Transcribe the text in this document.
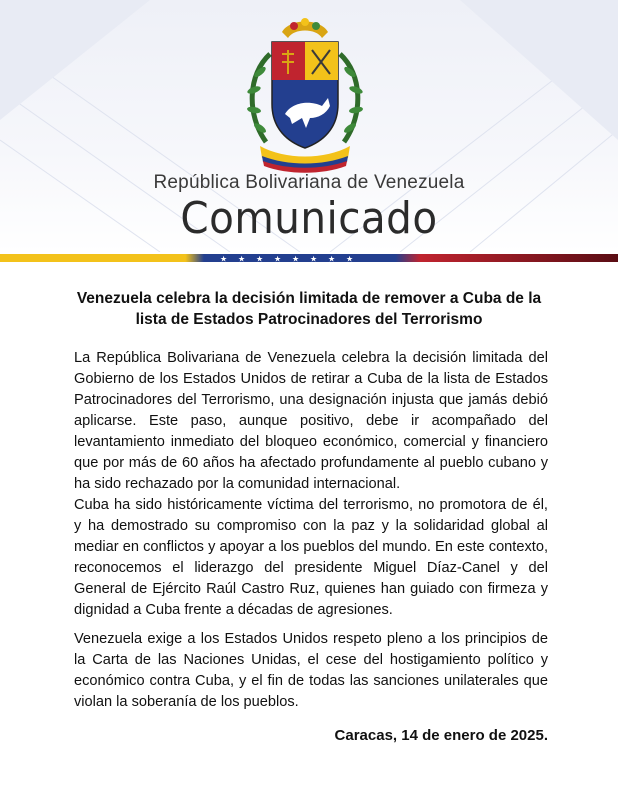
República Bolivariana de Venezuela
Comunicado
★ ★ ★ ★ ★ ★ ★ ★
Venezuela celebra la decisión limitada de remover a Cuba de la lista de Estados Patrocinadores del Terrorismo

La República Bolivariana de Venezuela celebra la decisión limitada del Gobierno de los Estados Unidos de retirar a Cuba de la lista de Estados Patrocinadores del Terrorismo, una designación injusta que jamás debió aplicarse. Este paso, aunque positivo, debe ir acompañado del levantamiento inmediato del bloqueo económico, comercial y financiero que por más de 60 años ha afectado profundamente al pueblo cubano y ha sido rechazado por la comunidad internacional.

Cuba ha sido históricamente víctima del terrorismo, no promotora de él, y ha demostrado su compromiso con la paz y la solidaridad global al mediar en conflictos y apoyar a los pueblos del mundo. En este contexto, reconocemos el liderazgo del presidente Miguel Díaz-Canel y del General de Ejército Raúl Castro Ruz, quienes han guiado con firmeza y dignidad a Cuba frente a décadas de agresiones.

Venezuela exige a los Estados Unidos respeto pleno a los principios de la Carta de las Naciones Unidas, el cese del hostigamiento político y económico contra Cuba, y el fin de todas las sanciones unilaterales que violan la soberanía de los pueblos.

Caracas, 14 de enero de 2025.
